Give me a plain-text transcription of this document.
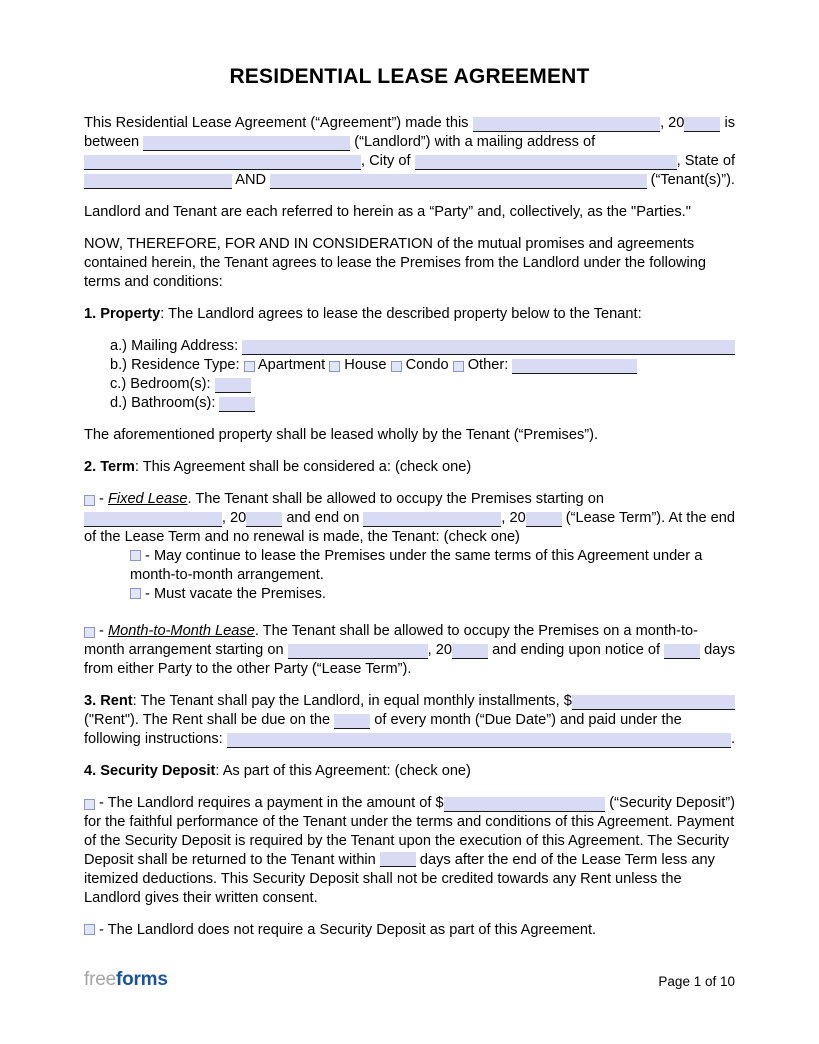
RESIDENTIAL LEASE AGREEMENT
This Residential Lease Agreement (“Agreement”) made this	, 20 is
between	(“Landlord”) with a mailing address of
, City of	, State of
AND	(“Tenant(s)”).
Landlord and Tenant are each referred to herein as a “Party” and, collectively, as the "Parties."
NOW, THEREFORE, FOR AND IN CONSIDERATION of the mutual promises and agreements contained herein, the Tenant agrees to lease the Premises from the Landlord under the following terms and conditions:
1. Property: The Landlord agrees to lease the described property below to the Tenant:
a.) Mailing Address:
b.) Residence Type: Apartment House Condo Other:
c.) Bedroom(s):
d.) Bathroom(s):
The aforementioned property shall be leased wholly by the Tenant (“Premises”).
2. Term: This Agreement shall be considered a: (check one)
- Fixed Lease . The Tenant shall be allowed to occupy the Premises starting on
, 20 and end on	, 20 (“Lease Term”). At the end
of the Lease Term and no renewal is made, the Tenant: (check one)
- May continue to lease the Premises under the same terms of this Agreement under a month-to-month arrangement.
- Must vacate the Premises.
- Month-to-Month Lease . The Tenant shall be allowed to occupy the Premises on a month-to-
month arrangement starting on	, 20 and ending upon notice of days
from either Party to the other Party (“Lease Term”).
3. Rent : The Tenant shall pay the Landlord, in equal monthly installments, $
("Rent"). The Rent shall be due on the of every month (“Due Date”) and paid under the
following instructions:	.
4. Security Deposit: As part of this Agreement: (check one)
- The Landlord requires a payment in the amount of $	(“Security Deposit”)
for the faithful performance of the Tenant under the terms and conditions of this Agreement. Payment of the Security Deposit is required by the Tenant upon the execution of this Agreement. The Security Deposit shall be returned to the Tenant within  days after the end of the Lease Term less any itemized deductions. This Security Deposit shall not be credited towards any Rent unless the Landlord gives their written consent.
- The Landlord does not require a Security Deposit as part of this Agreement.
freeforms	Page 1 of 10
